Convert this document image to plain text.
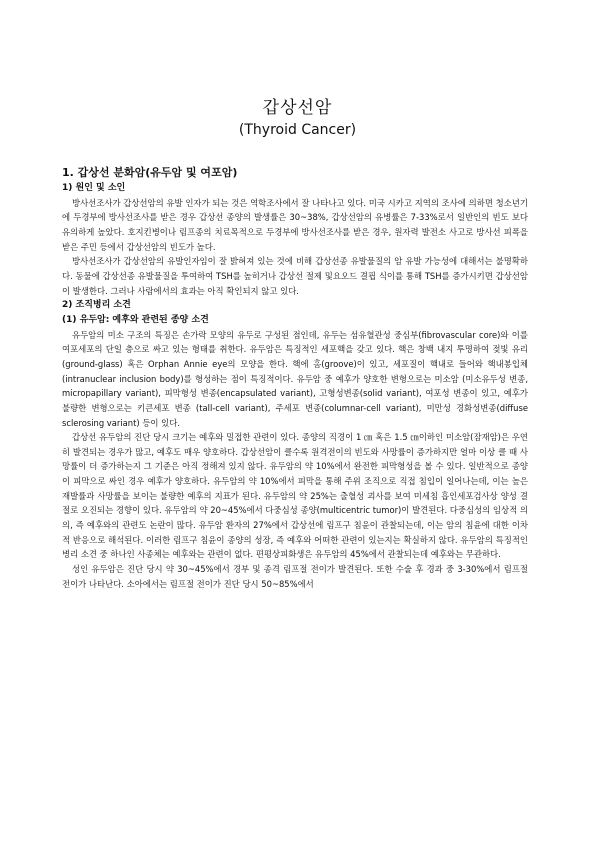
갑상선암
(Thyroid Cancer)

1. 갑상선 분화암(유두암 및 여포암)

1) 원인 및 소인

방사선조사가 갑상선암의 유발 인자가 되는 것은 역학조사에서 잘 나타나고 있다. 미국 시카고 지역의 조사에 의하면 청소년기에 두경부에 방사선조사를 받은 경우 갑상선 종양의 발생률은 30~38%, 갑상선암의 유병률은 7-33%로서 일반인의 빈도 보다 유의하게 높았다. 호지킨병이나 림프종의 치료목적으로 두경부에 방사선조사를 받은 경우, 원자력 발전소 사고로 방사선 피폭을 받은 주민 등에서 갑상선암의 빈도가 높다.

방사선조사가 갑상선암의 유발인자임이 잘 밝혀져 있는 것에 비해 갑상선종 유발물질의 암 유발 가능성에 대해서는 불명확하다. 동물에 갑상선종 유발물질을 투여하여 TSH를 높히거나 갑상선 절제 및요오드 결핍 식이를 통해 TSH를 증가시키면 갑상선암이 발생한다. 그러나 사람에서의 효과는 아직 확인되지 않고 있다.

2) 조직병리 소견

(1) 유두암: 예후와 관련된 종양 소견

유두암의 미소 구조의 특징은 손가락 모양의 유두로 구성된 점인데, 유두는 섬유혈관성 중심부(fibrovascular core)와 이를 여포세포의 단일 층으로 싸고 있는 형태를 취한다. 유두암은 특징적인 세포핵을 갖고 있다. 핵은 창백 내지 투명하여 젖빛 유리 (ground-glass) 혹은 Orphan Annie eye의 모양을 한다. 핵에 홈(groove)이 있고, 세포질이 핵내로 들어와 핵내봉입체 (intranuclear inclusion body)를 형성하는 점이 특징적이다. 유두암 중 예후가 양호한 변형으로는 미소암 (미소유두성 변종, micropapillary variant), 피막형성 변종(encapsulated variant), 고형성변종(solid variant), 여포성 변종이 있고, 예후가 불량한 변형으로는 키큰세포 변종 (tall-cell variant), 주세포 변종(columnar-cell variant), 미만성 경화성변종(diffuse sclerosing variant) 등이 있다.

갑상선 유두암의 진단 당시 크기는 예후와 밀접한 관련이 있다. 종양의 직경이 1 ㎝ 혹은 1.5 ㎝이하인 미소암(잠재암)은 우연히 발견되는 경우가 많고, 예후도 매우 양호하다. 갑상선암이 클수록 원격전이의 빈도와 사망률이 증가하지만 얼마 이상 클 때 사망률이 더 증가하는지 그 기준은 아직 정해져 있지 않다. 유두암의 약 10%에서 완전한 피막형성을 볼 수 있다. 일반적으로 종양이 피막으로 싸인 경우 예후가 양호하다. 유두암의 약 10%에서 피막을 통해 주위 조직으로 직접 침입이 일어나는데, 이는 높은 재발률과 사망률을 보이는 불량한 예후의 지표가 된다. 유두암의 약 25%는 출혈성 괴사를 보여 미세침 흡인세포검사상 양성 결절로 오진되는 경향이 있다. 유두암의 약 20~45%에서 다중심성 종양(multicentric tumor)이 발견된다. 다중심성의 임상적 의의, 즉 예후와의 관련도 논란이 많다. 유두암 환자의 27%에서 갑상선에 림프구 침윤이 관찰되는데, 이는 암의 침윤에 대한 이차적 반응으로 해석된다. 이러한 림프구 침윤이 종양의 성장, 즉 예후와 어떠한 관련이 있는지는 확실하지 않다. 유두암의 특징적인 병리 소견 중 하나인 사종체는 예후와는 관련이 없다. 편평상피화생은 유두암의 45%에서 관찰되는데 예후와는 무관하다.

성인 유두암은 진단 당시 약 30~45%에서 경부 및 종격 림프절 전이가 발견된다. 또한 수술 후 경과 중 3-30%에서 림프절 전이가 나타난다. 소아에서는 림프절 전이가 진단 당시 50~85%에서
